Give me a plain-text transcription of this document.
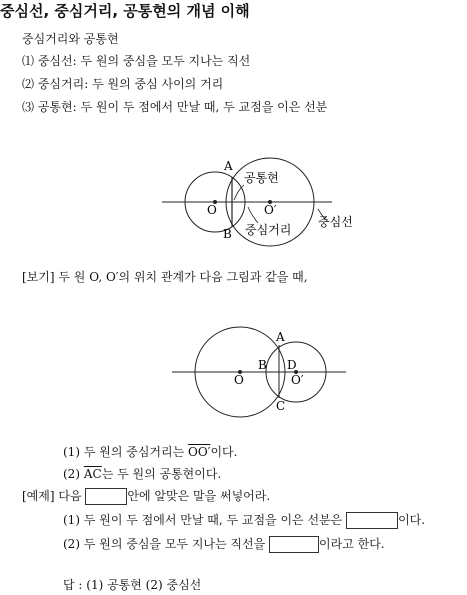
중심선, 중심거리, 공통현의 개념 이해
중심거리와 공통현
⑴ 중심선: 두 원의 중심을 모두 지나는 직선
⑵ 중심거리: 두 원의 중심 사이의 거리
⑶ 공통현: 두 원이 두 점에서 만날 때, 두 교점을 이은 선분
A
B
O	O′
공통현
중심거리
중심선
[보기] 두 원 O, O′의 위치 관계가 다음 그림과 같을 때,
A
B
C
D
O	O′
(1) 두 원의 중심거리는 OO′이다.
(2) $\overline{AC}$는 두 원의 공통현이다.
[예제] 다음	안에 알맞은 말을 써넣어라.
(1) 두 원이 두 점에서 만날 때, 두 교점을 이은 선분은	이다.
(2) 두 원의 중심을 모두 지나는 직선을	이라고 한다.
답 : (1) 공통현 (2) 중심선
